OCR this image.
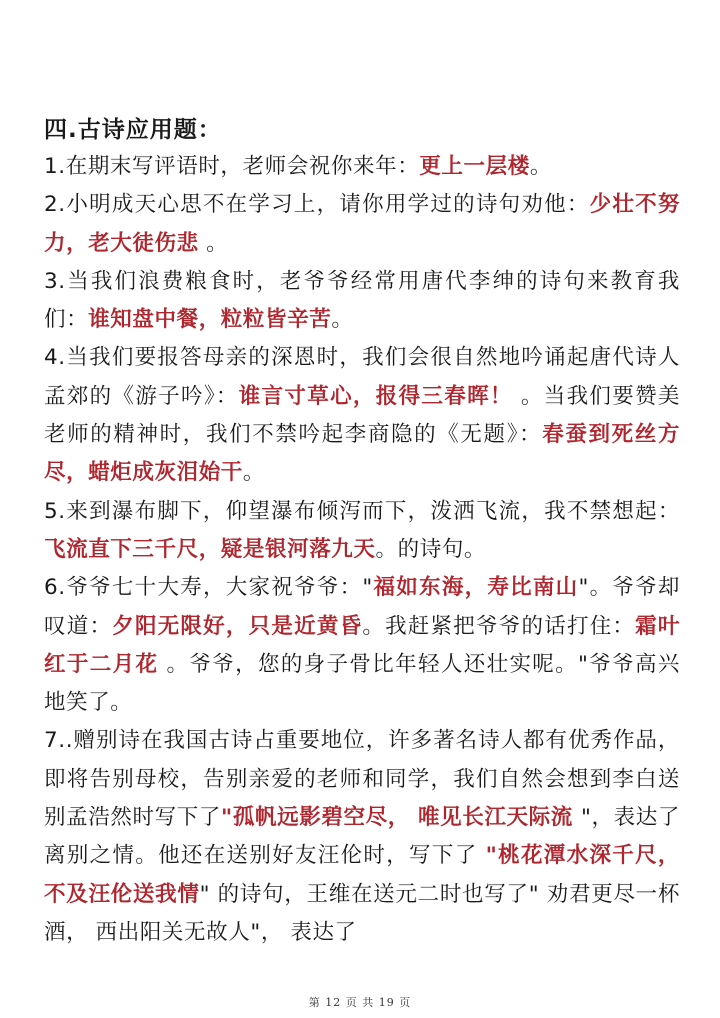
四.古诗应用题：

1.在期末写评语时，老师会祝你来年：更上一层楼。

2.小明成天心思不在学习上，请你用学过的诗句劝他：少壮不努力，老大徒伤悲 。

3.当我们浪费粮食时，老爷爷经常用唐代李绅的诗句来教育我们：谁知盘中餐，粒粒皆辛苦。

4.当我们要报答母亲的深恩时，我们会很自然地吟诵起唐代诗人孟郊的《游子吟》：谁言寸草心，报得三春晖！ 。当我们要赞美老师的精神时，我们不禁吟起李商隐的《无题》：春蚕到死丝方尽，蜡炬成灰泪始干。

5.来到瀑布脚下，仰望瀑布倾泻而下，泼洒飞流，我不禁想起：飞流直下三千尺，疑是银河落九天。的诗句。

6.爷爷七十大寿，大家祝爷爷："福如东海，寿比南山"。爷爷却叹道：夕阳无限好，只是近黄昏。我赶紧把爷爷的话打住：霜叶红于二月花 。爷爷，您的身子骨比年轻人还壮实呢。"爷爷高兴地笑了。

7..赠别诗在我国古诗占重要地位，许多著名诗人都有优秀作品，即将告别母校，告别亲爱的老师和同学，我们自然会想到李白送别孟浩然时写下了"孤帆远影碧空尽， 唯见长江天际流 "，表达了离别之情。他还在送别好友汪伦时，写下了 "桃花潭水深千尺，不及汪伦送我情" 的诗句，王维在送元二时也写了" 劝君更尽一杯酒， 西出阳关无故人"， 表达了

第 12 页 共 19 页
